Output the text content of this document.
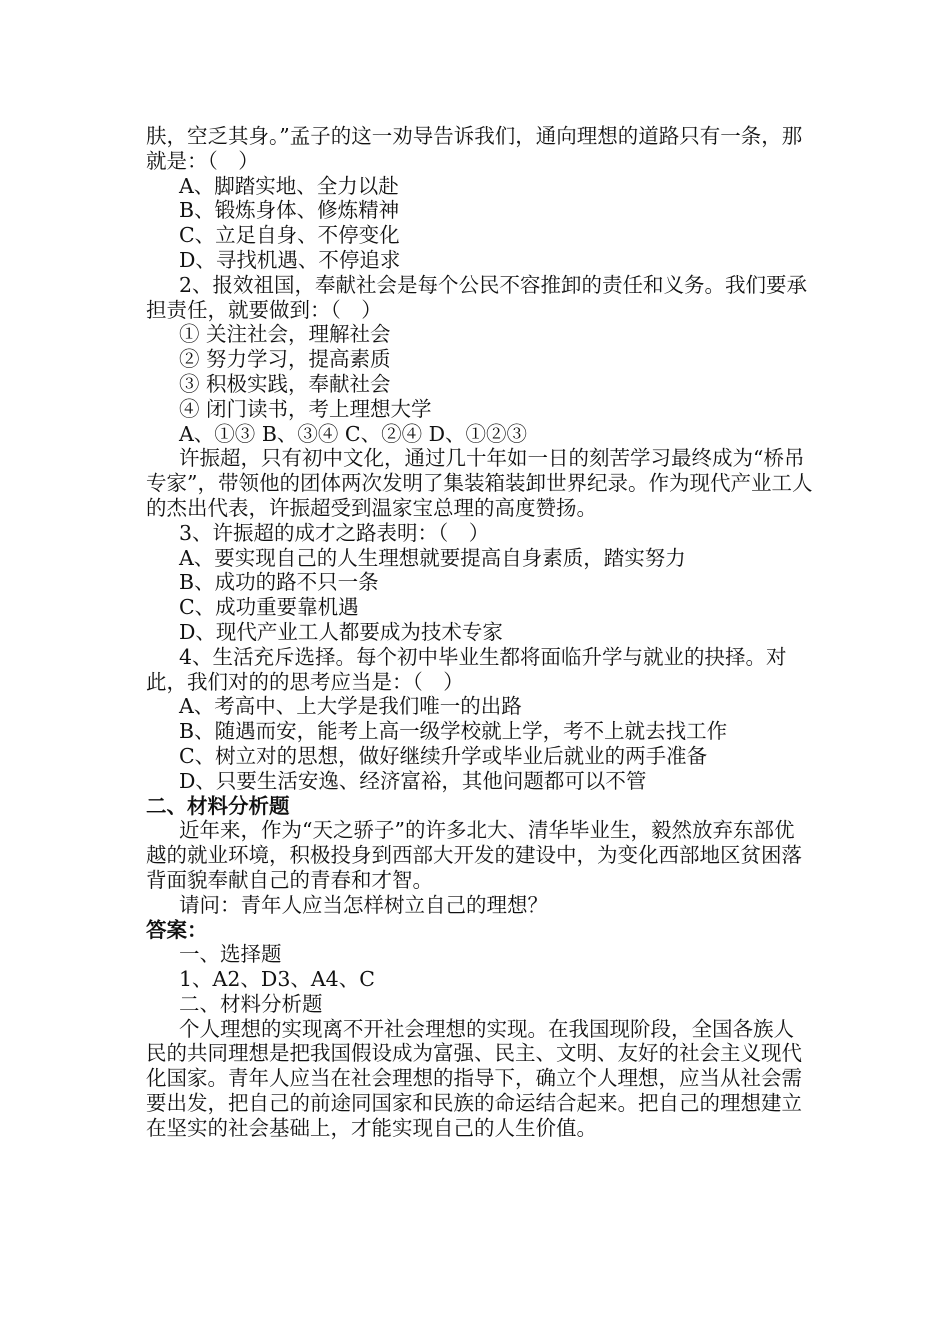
肤，空乏其身。”孟子的这一劝导告诉我们，通向理想的道路只有一条，那就是：（　）

A、脚踏实地、全力以赴

B、锻炼身体、修炼精神

C、立足自身、不停变化

D、寻找机遇、不停追求

2、报效祖国，奉献社会是每个公民不容推卸的责任和义务。我们要承担责任，就要做到：（　）

① 关注社会，理解社会

② 努力学习，提高素质

③ 积极实践，奉献社会

④ 闭门读书，考上理想大学

A、①③ B、③④ C、②④ D、①②③

许振超，只有初中文化，通过几十年如一日的刻苦学习最终成为“桥吊专家”，带领他的团体两次发明了集装箱装卸世界纪录。作为现代产业工人的杰出代表，许振超受到温家宝总理的高度赞扬。

3、许振超的成才之路表明：（　）

A、要实现自己的人生理想就要提高自身素质，踏实努力

B、成功的路不只一条

C、成功重要靠机遇

D、现代产业工人都要成为技术专家

4、生活充斥选择。每个初中毕业生都将面临升学与就业的抉择。对此，我们对的的思考应当是：（　）

A、考高中、上大学是我们唯一的出路

B、随遇而安，能考上高一级学校就上学，考不上就去找工作

C、树立对的思想，做好继续升学或毕业后就业的两手准备

D、只要生活安逸、经济富裕，其他问题都可以不管

二、材料分析题

近年来，作为“天之骄子”的许多北大、清华毕业生，毅然放弃东部优越的就业环境，积极投身到西部大开发的建设中，为变化西部地区贫困落背面貌奉献自己的青春和才智。

请问：青年人应当怎样树立自己的理想？

答案：

一、选择题

1、A2、D3、A4、C

二、材料分析题

个人理想的实现离不开社会理想的实现。在我国现阶段，全国各族人民的共同理想是把我国假设成为富强、民主、文明、友好的社会主义现代化国家。青年人应当在社会理想的指导下，确立个人理想，应当从社会需要出发，把自己的前途同国家和民族的命运结合起来。把自己的理想建立在坚实的社会基础上，才能实现自己的人生价值。
